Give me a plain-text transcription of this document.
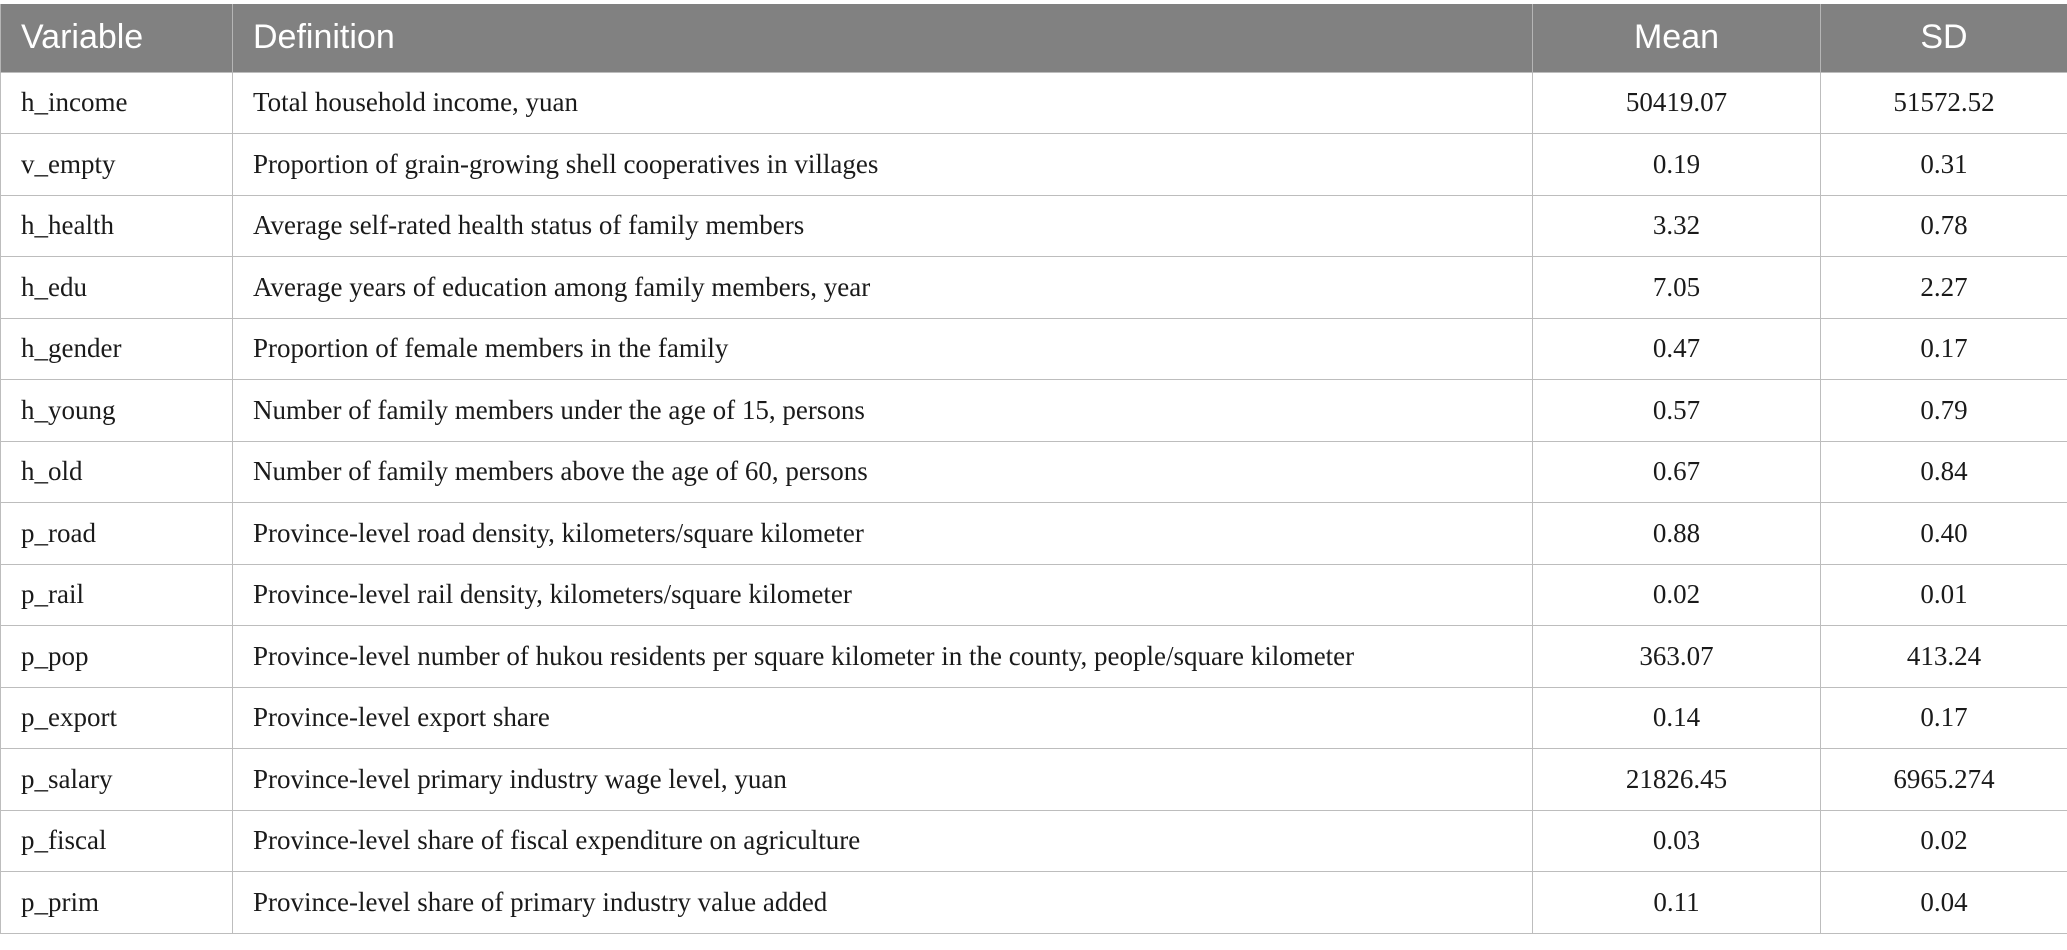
Variable	Definition	Mean	SD
h_income	Total household income, yuan	50419.07	51572.52
v_empty	Proportion of grain-growing shell cooperatives in villages	0.19	0.31
h_health	Average self-rated health status of family members	3.32	0.78
h_edu	Average years of education among family members, year	7.05	2.27
h_gender	Proportion of female members in the family	0.47	0.17
h_young	Number of family members under the age of 15, persons	0.57	0.79
h_old	Number of family members above the age of 60, persons	0.67	0.84
p_road	Province-level road density, kilometers/square kilometer	0.88	0.40
p_rail	Province-level rail density, kilometers/square kilometer	0.02	0.01
p_pop	Province-level number of hukou residents per square kilometer in the county, people/square kilometer	363.07	413.24
p_export	Province-level export share	0.14	0.17
p_salary	Province-level primary industry wage level, yuan	21826.45	6965.274
p_fiscal	Province-level share of fiscal expenditure on agriculture	0.03	0.02
p_prim	Province-level share of primary industry value added	0.11	0.04
